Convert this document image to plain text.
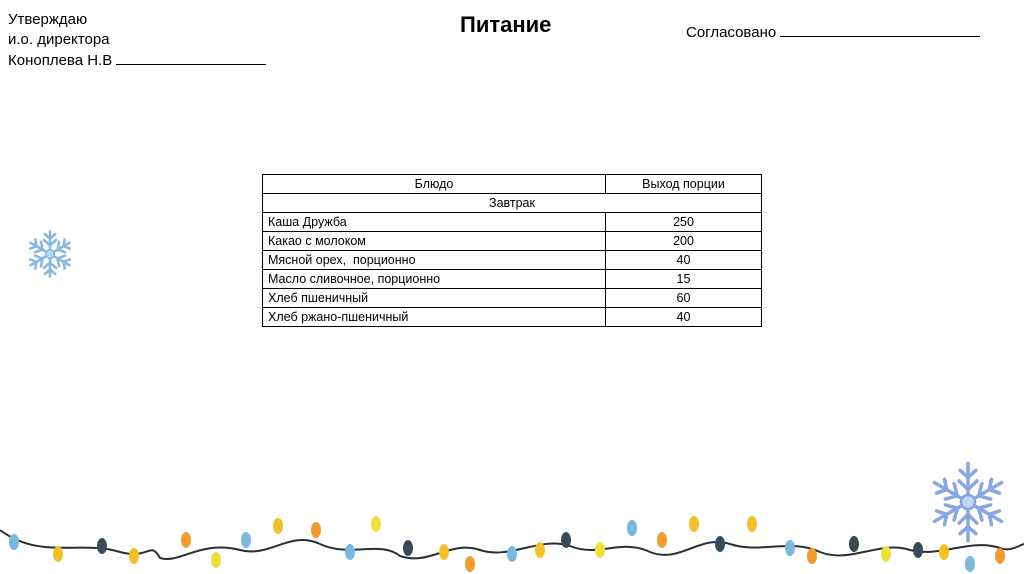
Утверждаю
и.о. директора
Коноплева Н.В
Питание	Согласовано
Блюдо	Выход порции
Завтрак	
Каша Дружба	250
Какао с молоком	200
Мясной орех,  порционно	40
Масло сливочное, порционно	15
Хлеб пшеничный	60
Хлеб ржано-пшеничный	40
